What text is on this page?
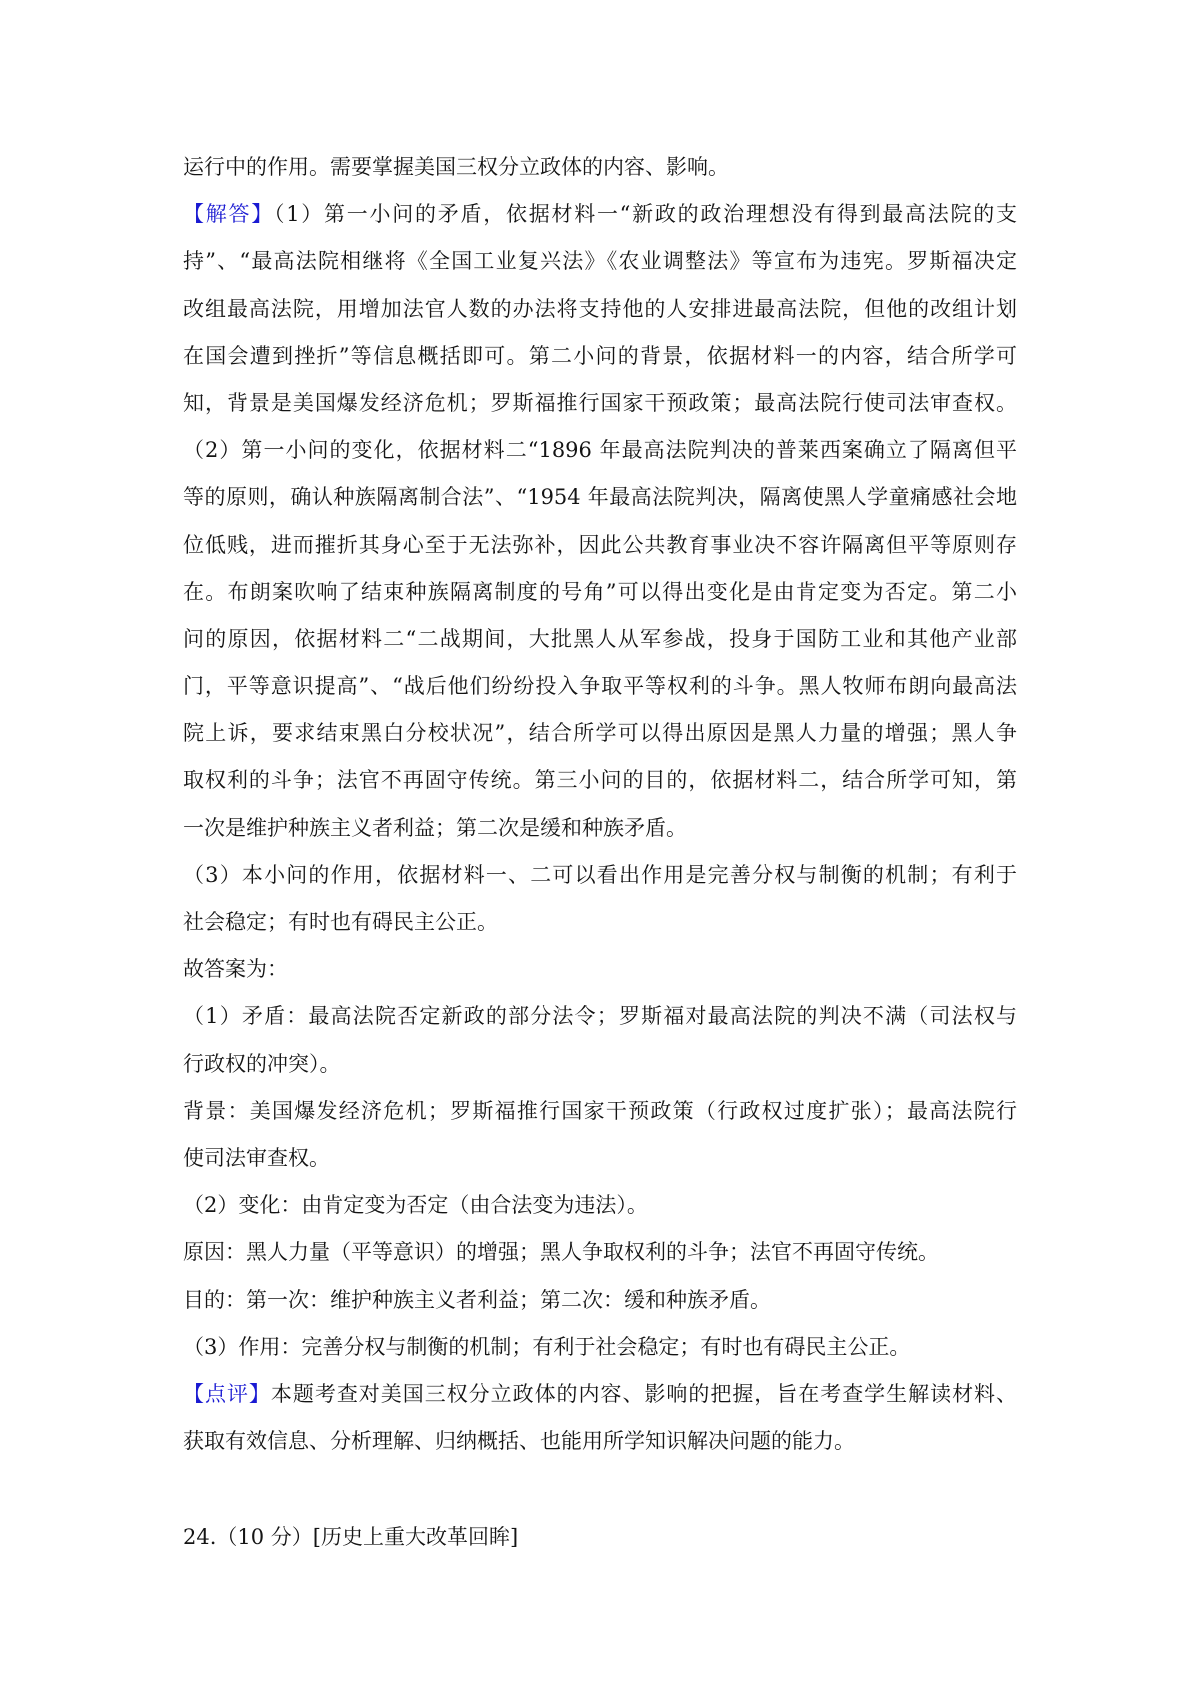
运行中的作用。需要掌握美国三权分立政体的内容、影响。
【解答】（1）第一小问的矛盾，依据材料一“新政的政治理想没有得到最高法院的支
持”、“最高法院相继将《全国工业复兴法》《农业调整法》等宣布为违宪。罗斯福决定
改组最高法院，用增加法官人数的办法将支持他的人安排进最高法院，但他的改组计划
在国会遭到挫折”等信息概括即可。第二小问的背景，依据材料一的内容，结合所学可
知，背景是美国爆发经济危机；罗斯福推行国家干预政策；最高法院行使司法审查权。
（2）第一小问的变化，依据材料二“1896 年最高法院判决的普莱西案确立了隔离但平
等的原则，确认种族隔离制合法”、“1954 年最高法院判决，隔离使黑人学童痛感社会地
位低贱，进而摧折其身心至于无法弥补，因此公共教育事业决不容许隔离但平等原则存
在。布朗案吹响了结束种族隔离制度的号角”可以得出变化是由肯定变为否定。第二小
问的原因，依据材料二“二战期间，大批黑人从军参战，投身于国防工业和其他产业部
门，平等意识提高”、“战后他们纷纷投入争取平等权利的斗争。黑人牧师布朗向最高法
院上诉，要求结束黑白分校状况”，结合所学可以得出原因是黑人力量的增强；黑人争
取权利的斗争；法官不再固守传统。第三小问的目的，依据材料二，结合所学可知，第
一次是维护种族主义者利益；第二次是缓和种族矛盾。
（3）本小问的作用，依据材料一、二可以看出作用是完善分权与制衡的机制；有利于
社会稳定；有时也有碍民主公正。
故答案为：
（1）矛盾：最高法院否定新政的部分法令；罗斯福对最高法院的判决不满（司法权与
行政权的冲突）。
背景：美国爆发经济危机；罗斯福推行国家干预政策（行政权过度扩张）；最高法院行
使司法审查权。
（2）变化：由肯定变为否定（由合法变为违法）。
原因：黑人力量（平等意识）的增强；黑人争取权利的斗争；法官不再固守传统。
目的：第一次：维护种族主义者利益；第二次：缓和种族矛盾。
（3）作用：完善分权与制衡的机制；有利于社会稳定；有时也有碍民主公正。
【点评】本题考查对美国三权分立政体的内容、影响的把握，旨在考查学生解读材料、
获取有效信息、分析理解、归纳概括、也能用所学知识解决问题的能力。
24.（10 分）[历史上重大改革回眸]
